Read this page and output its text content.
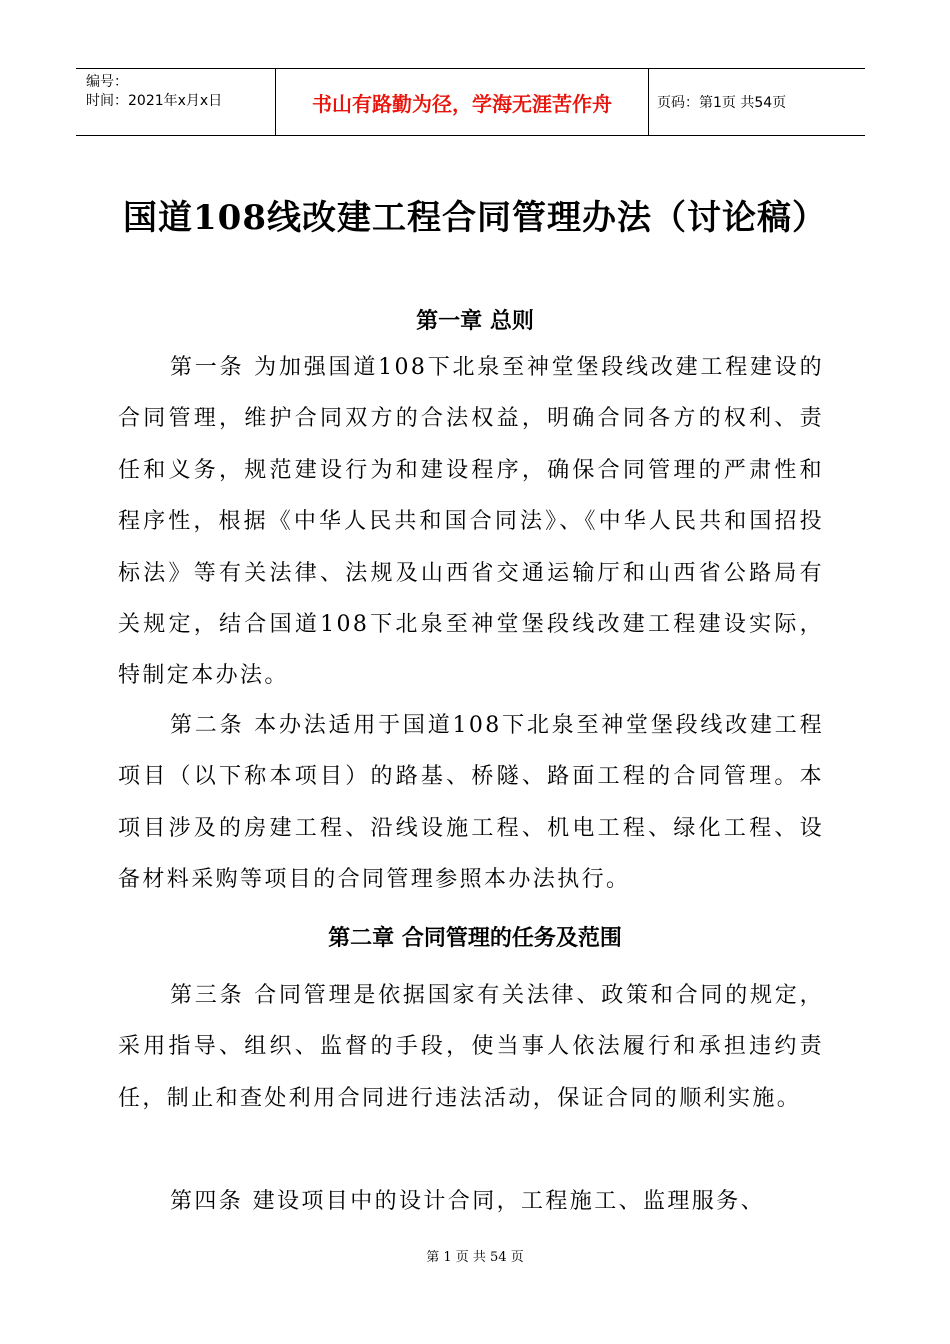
编号：
时间：2021年x月x日	书山有路勤为径，学海无涯苦作舟	页码：第1页 共54页
国道108线改建工程合同管理办法（讨论稿）
第一章 总则
第一条 为加强国道108下北泉至神堂堡段线改建工程建设的合同管理，维护合同双方的合法权益，明确合同各方的权利、责任和义务，规范建设行为和建设程序，确保合同管理的严肃性和程序性，根据《中华人民共和国合同法》、《中华人民共和国招投标法》等有关法律、法规及山西省交通运输厅和山西省公路局有关规定，结合国道108下北泉至神堂堡段线改建工程建设实际，特制定本办法。
第二条 本办法适用于国道108下北泉至神堂堡段线改建工程项目（以下称本项目）的路基、桥隧、路面工程的合同管理。本项目涉及的房建工程、沿线设施工程、机电工程、绿化工程、设备材料采购等项目的合同管理参照本办法执行。
第二章 合同管理的任务及范围
第三条 合同管理是依据国家有关法律、政策和合同的规定，采用指导、组织、监督的手段，使当事人依法履行和承担违约责任，制止和查处利用合同进行违法活动，保证合同的顺利实施。
第四条 建设项目中的设计合同，工程施工、监理服务、
第 1 页 共 54 页
